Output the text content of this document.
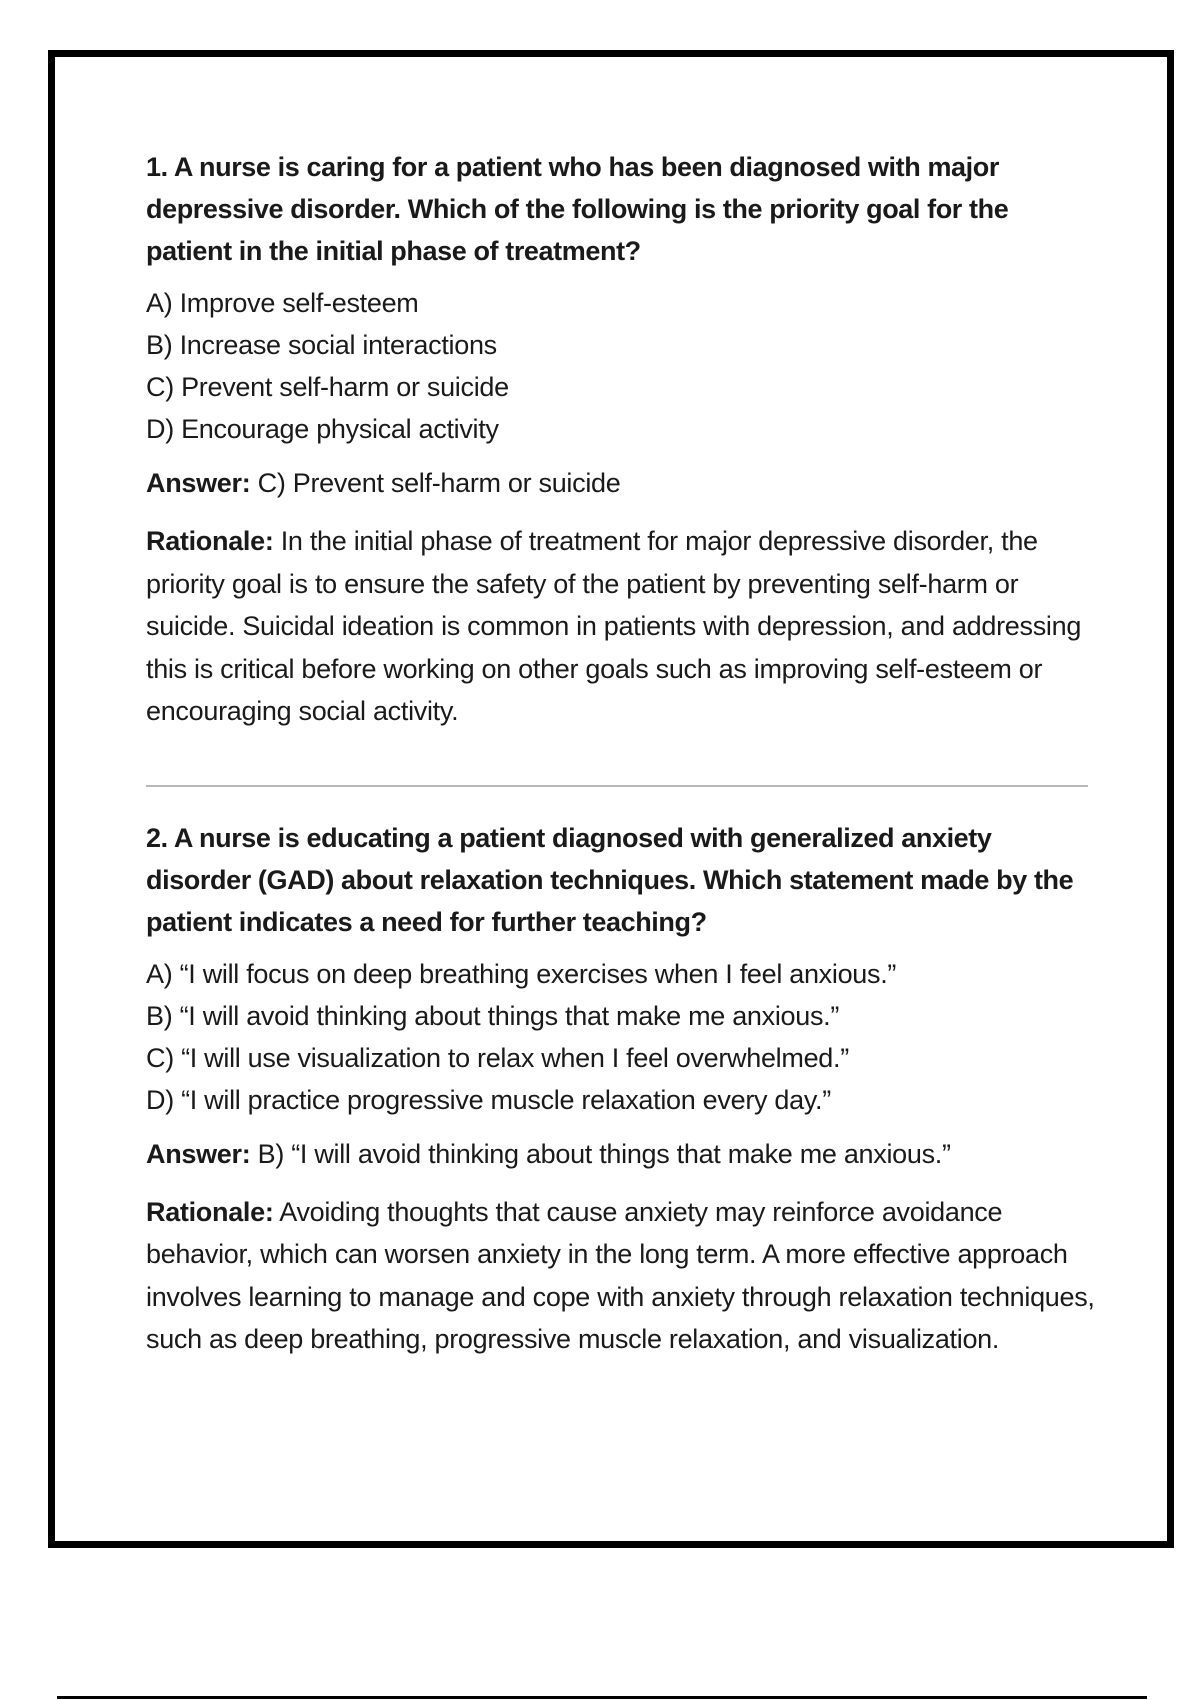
1. A nurse is caring for a patient who has been diagnosed with major depressive disorder. Which of the following is the priority goal for the patient in the initial phase of treatment?

A) Improve self-esteem
B) Increase social interactions
C) Prevent self-harm or suicide
D) Encourage physical activity
Answer: C) Prevent self-harm or suicide
Rationale: In the initial phase of treatment for major depressive disorder, the priority goal is to ensure the safety of the patient by preventing self-harm or suicide. Suicidal ideation is common in patients with depression, and addressing this is critical before working on other goals such as improving self-esteem or encouraging social activity.

2. A nurse is educating a patient diagnosed with generalized anxiety disorder (GAD) about relaxation techniques. Which statement made by the patient indicates a need for further teaching?

A) “I will focus on deep breathing exercises when I feel anxious.”
B) “I will avoid thinking about things that make me anxious.”
C) “I will use visualization to relax when I feel overwhelmed.”
D) “I will practice progressive muscle relaxation every day.”
Answer: B) “I will avoid thinking about things that make me anxious.”
Rationale: Avoiding thoughts that cause anxiety may reinforce avoidance behavior, which can worsen anxiety in the long term. A more effective approach involves learning to manage and cope with anxiety through relaxation techniques, such as deep breathing, progressive muscle relaxation, and visualization.
